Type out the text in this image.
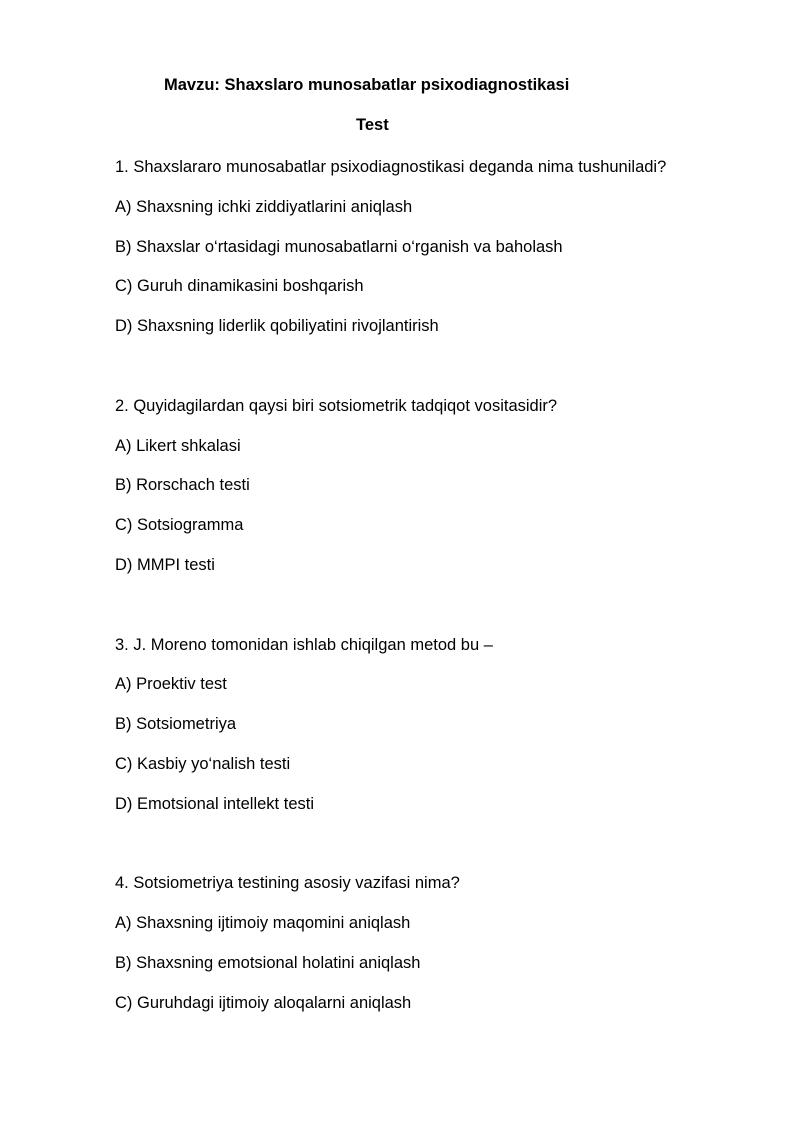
Mavzu: Shaxslaro munosabatlar psixodiagnostikasi
Test
1. Shaxslararo munosabatlar psixodiagnostikasi deganda nima tushuniladi?
A) Shaxsning ichki ziddiyatlarini aniqlash
B) Shaxslar o‘rtasidagi munosabatlarni o‘rganish va baholash
C) Guruh dinamikasini boshqarish
D) Shaxsning liderlik qobiliyatini rivojlantirish
2. Quyidagilardan qaysi biri sotsiometrik tadqiqot vositasidir?
A) Likert shkalasi
B) Rorschach testi
C) Sotsiogramma
D) MMPI testi
3. J. Moreno tomonidan ishlab chiqilgan metod bu –
A) Proektiv test
B) Sotsiometriya
C) Kasbiy yo‘nalish testi
D) Emotsional intellekt testi
4. Sotsiometriya testining asosiy vazifasi nima?
A) Shaxsning ijtimoiy maqomini aniqlash
B) Shaxsning emotsional holatini aniqlash
C) Guruhdagi ijtimoiy aloqalarni aniqlash
